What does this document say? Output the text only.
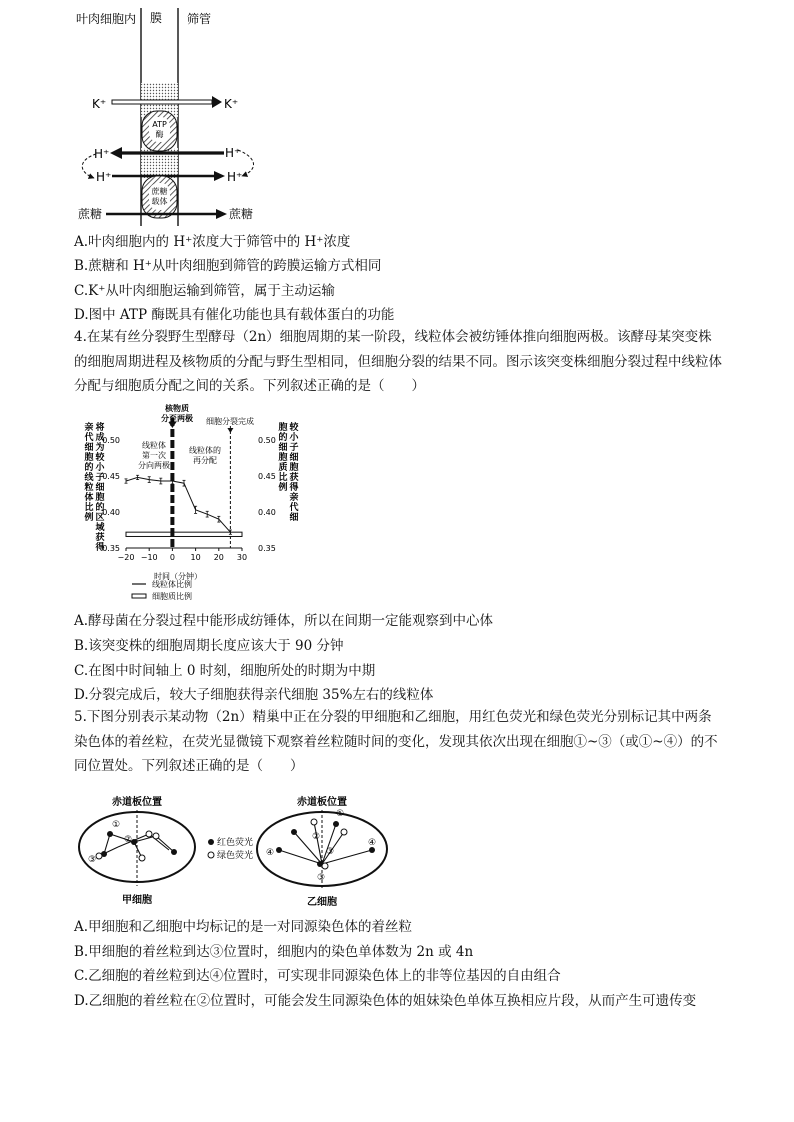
叶肉细胞内 膜 筛管
K⁺	K⁺
ATP
酶
H⁺	H⁺
H⁺	H⁺
蔗糖
载体
蔗糖	蔗糖
A.叶肉细胞内的 H⁺浓度大于筛管中的 H⁺浓度
B.蔗糖和 H⁺从叶肉细胞到筛管的跨膜运输方式相同
C.K⁺从叶肉细胞运输到筛管，属于主动运输
D.图中 ATP 酶既具有催化功能也具有载体蛋白的功能
4.在某有丝分裂野生型酵母（2n）细胞周期的某一阶段，线粒体会被纺锤体推向细胞两极。该酵母某突变株的细胞周期进程及核物质的分配与野生型相同，但细胞分裂的结果不同。图示该突变株细胞分裂过程中线粒体分配与细胞质分配之间的关系。下列叙述正确的是（　　）
将
成
为
较
小
子
细
胞
的
区
域
获
得
亲
代
细
胞
的
线
粒
体
比
例
较
小
子
细
胞
获
得
亲
代
细
胞
的
细
胞
质
比
例
−20 −10 0 10 20 30
0.35	0.35
0.40	0.40
0.45	0.45
0.50	0.50
核物质
分至两极 细胞分裂完成
线粒体
第一次
分向两极
线粒体的
再分配
时间（分钟）
线粒体比例
细胞质比例
A.酵母菌在分裂过程中能形成纺锤体，所以在间期一定能观察到中心体
B.该突变株的细胞周期长度应该大于 90 分钟
C.在图中时间轴上 0 时刻，细胞所处的时期为中期
D.分裂完成后，较大子细胞获得亲代细胞 35%左右的线粒体
5.下图分别表示某动物（2n）精巢中正在分裂的甲细胞和乙细胞，用红色荧光和绿色荧光分别标记其中两条染色体的着丝粒，在荧光显微镜下观察着丝粒随时间的变化，发现其依次出现在细胞①~③（或①~④）的不同位置处。下列叙述正确的是（　　）
赤道板位置	赤道板位置
①
②
③
甲细胞
红色荧光
绿色荧光
①
②
③
④
④
③
乙细胞
A.甲细胞和乙细胞中均标记的是一对同源染色体的着丝粒
B.甲细胞的着丝粒到达③位置时，细胞内的染色单体数为 2n 或 4n
C.乙细胞的着丝粒到达④位置时，可实现非同源染色体上的非等位基因的自由组合
D.乙细胞的着丝粒在②位置时，可能会发生同源染色体的姐妹染色单体互换相应片段，从而产生可遗传变
